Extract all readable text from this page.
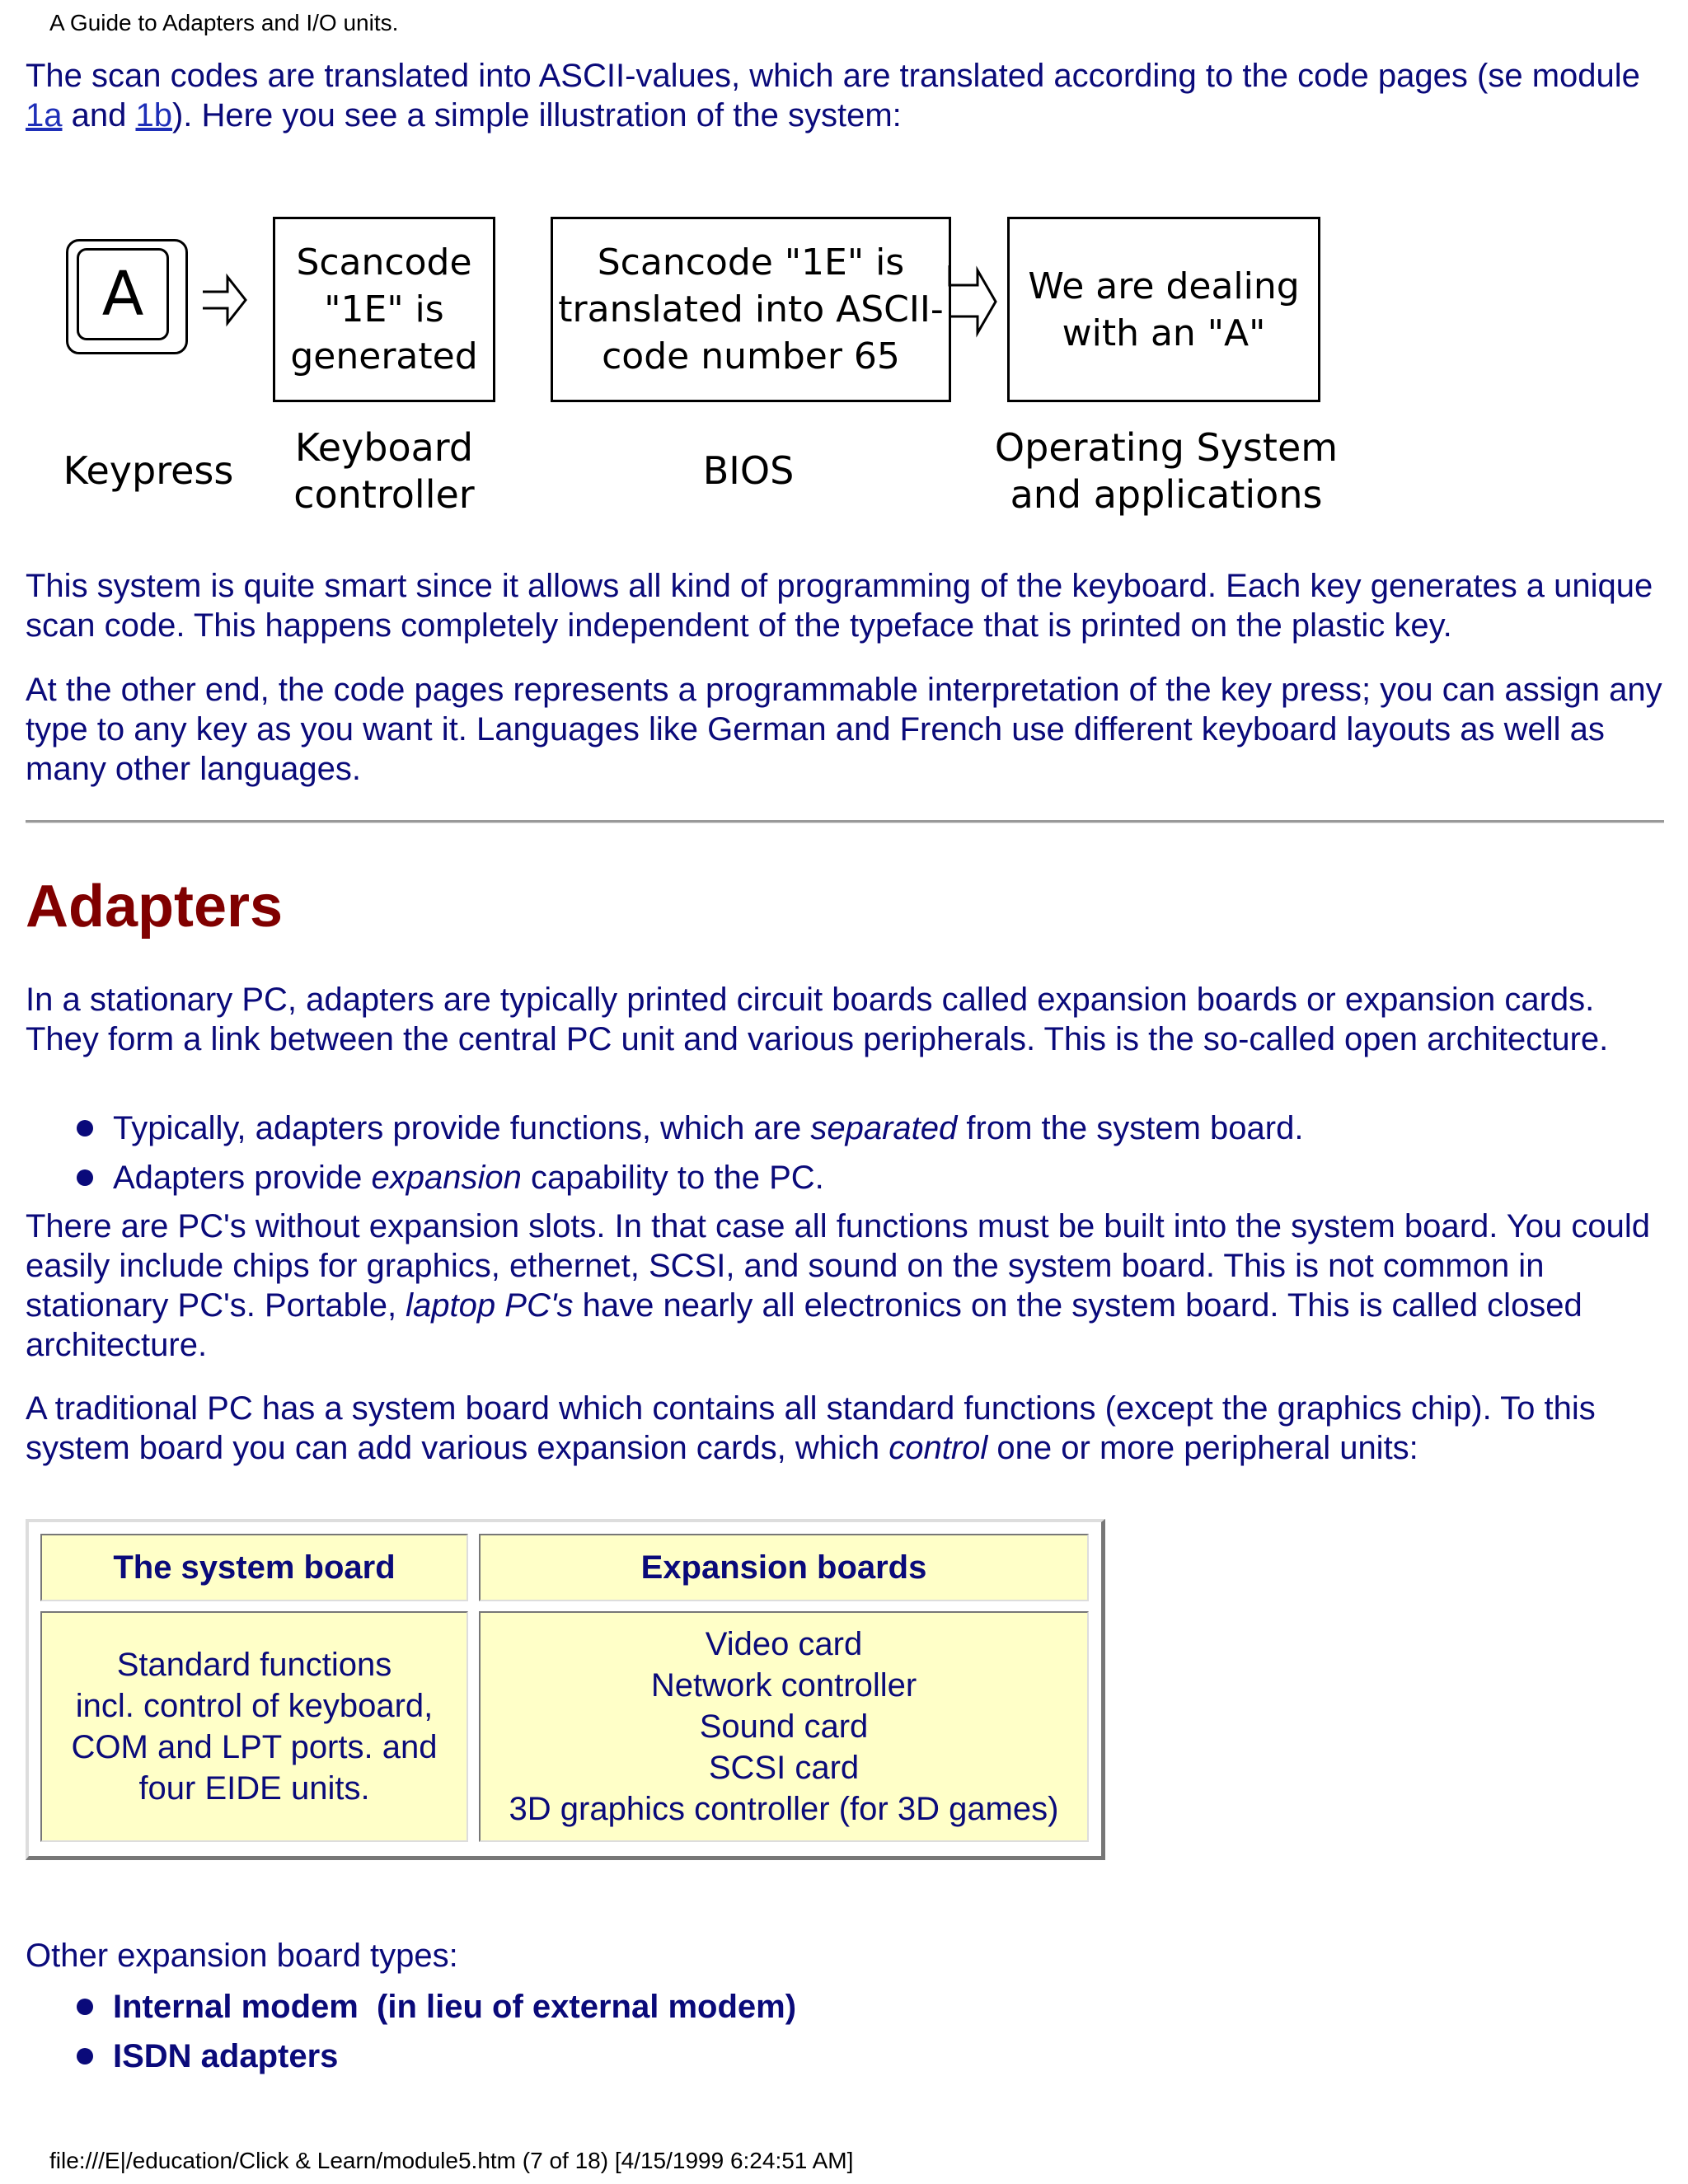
A Guide to Adapters and I/O units.

The scan codes are translated into ASCII-values, which are translated according to the code pages (se module 1a and 1b). Here you see a simple illustration of the system:

A	Scancode
"1E" is
generated
Scancode "1E" is
translated into ASCII-
code number 65
We are dealing
with an "A"
Keypress
Keyboard
controller
BIOS
Operating System
and applications

This system is quite smart since it allows all kind of programming of the keyboard. Each key generates a unique scan code. This happens completely independent of the typeface that is printed on the plastic key.

At the other end, the code pages represents a programmable interpretation of the key press; you can assign any type to any key as you want it. Languages like German and French use different keyboard layouts as well as many other languages.

Adapters

In a stationary PC, adapters are typically printed circuit boards called expansion boards or expansion cards. They form a link between the central PC unit and various peripherals. This is the so-called open architecture.

Typically, adapters provide functions, which are separated from the system board.
Adapters provide expansion capability to the PC.

There are PC's without expansion slots. In that case all functions must be built into the system board. You could easily include chips for graphics, ethernet, SCSI, and sound on the system board. This is not common in stationary PC's. Portable, laptop PC's have nearly all electronics on the system board. This is called closed architecture.

A traditional PC has a system board which contains all standard functions (except the graphics chip). To this system board you can add various expansion cards, which control one or more peripheral units:

The system board	Expansion boards
Standard functions
incl. control of keyboard,
COM and LPT ports. and
four EIDE units.
Video card
Network controller
Sound card
SCSI card
3D graphics controller (for 3D games)

Other expansion board types:

Internal modem  (in lieu of external modem)
ISDN adapters
file:///E|/education/Click & Learn/module5.htm (7 of 18) [4/15/1999 6:24:51 AM]
